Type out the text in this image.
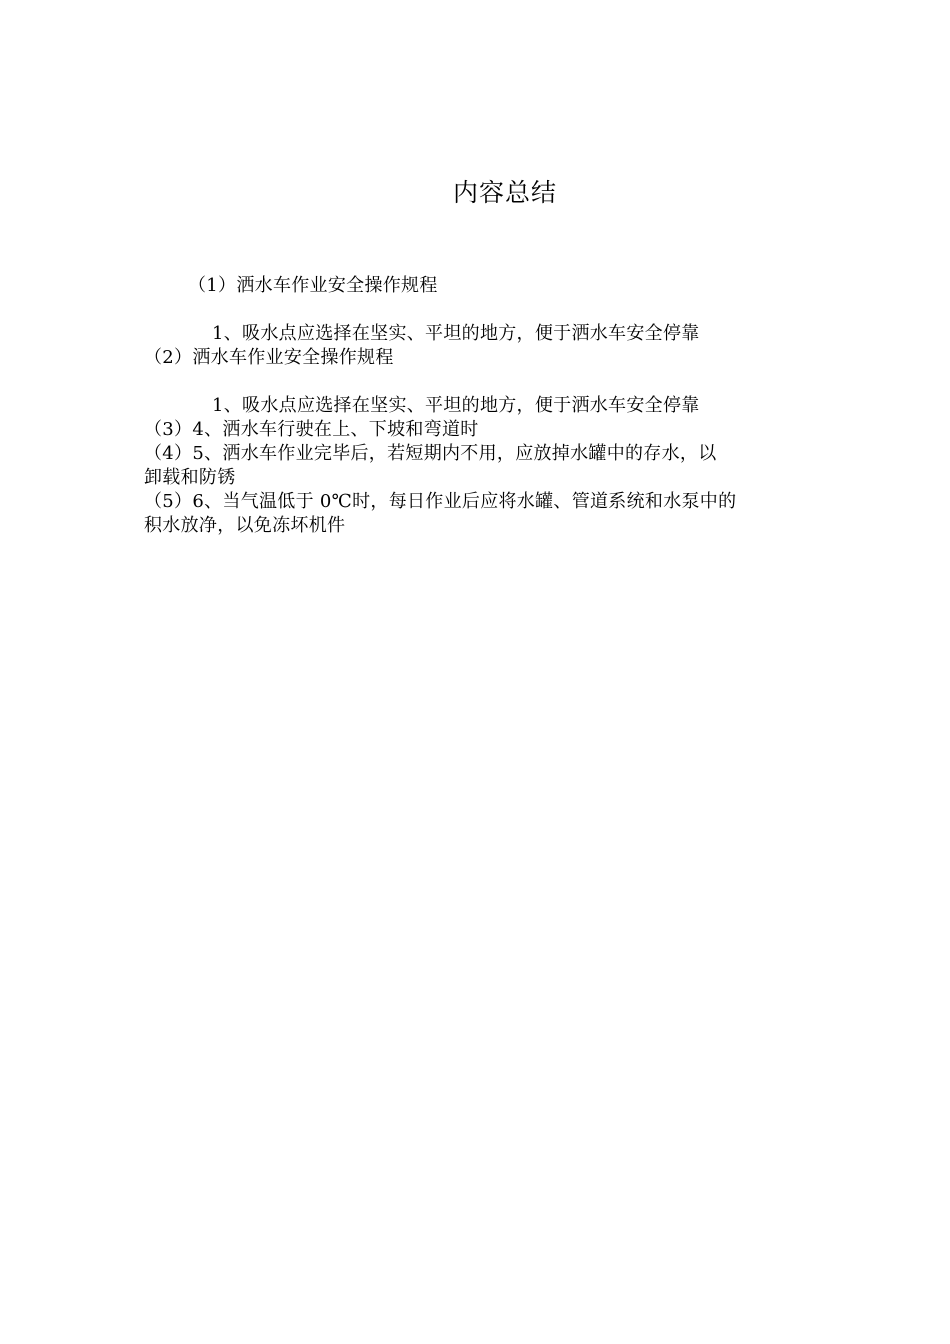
内容总结
（1）洒水车作业安全操作规程
1、吸水点应选择在坚实、平坦的地方，便于洒水车安全停靠
（2）洒水车作业安全操作规程
1、吸水点应选择在坚实、平坦的地方，便于洒水车安全停靠
（3）4、洒水车行驶在上、下坡和弯道时
（4）5、洒水车作业完毕后，若短期内不用，应放掉水罐中的存水，以
卸载和防锈
（5）6、当气温低于 0℃时，每日作业后应将水罐、管道系统和水泵中的
积水放净，以免冻坏机件
